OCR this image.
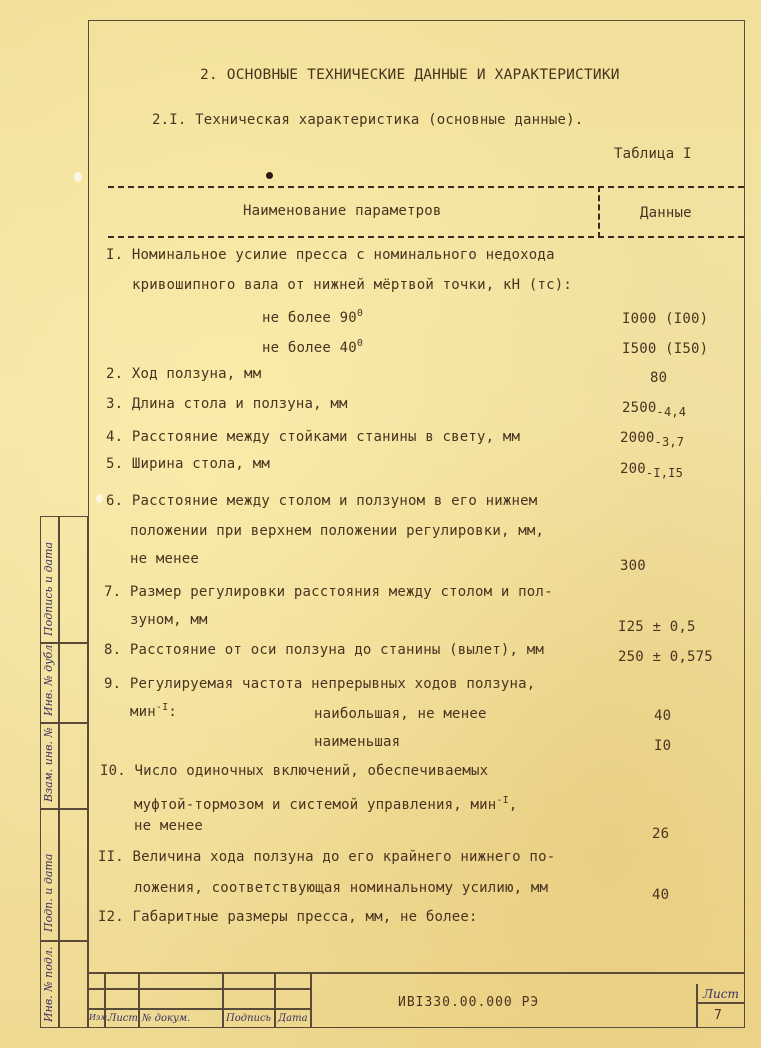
2. ОСНОВНЫЕ ТЕХНИЧЕСКИЕ ДАННЫЕ И ХАРАКТЕРИСТИКИ
2.I. Техническая характеристика (основные данные).
Таблица I
Наименование параметров	Данные
I. Номинальное усилие пресса с номинального недохода
кривошипного вала от нижней мёртвой точки, кН (тс):
не более $90^0$	I000 (I00)
не более $40^0$	I500 (I50)
2. Ход ползуна, мм	80
3. Длина стола и ползуна, мм	$2500_{-4,4}$
4. Расстояние между стойками станины в свету, мм	$2000_{-3,7}$
5. Ширина стола, мм	$200_{-I,I5}$
6. Расстояние между столом и ползуном в его нижнем
положении при верхнем положении регулировки, мм,
не менее	300
7. Размер регулировки расстояния между столом и пол-
зуном, мм	I25 ± 0,5
8. Расстояние от оси ползуна до станины (вылет), мм	250 ± 0,575
9. Регулируемая частота непрерывных ходов ползуна,
мин$^{-I}$:	наибольшая, не менее	40
наименьшая	I0
I0. Число одиночных включений, обеспечиваемых
муфтой-тормозом и системой управления, мин$^{-I}$,
не менее	26
II. Величина хода ползуна до его крайнего нижнего по-
ложения, соответствующая номинальному усилию, мм	40
I2. Габаритные размеры пресса, мм, не более:
Подпись и дата
Инв. № дубл.
Взам. инв. №
Подп. и дата
Инв. № подл.	Изм.
Лист № докум.	Подпись Дата
ИВI330.00.000 РЭ
Лист
7
